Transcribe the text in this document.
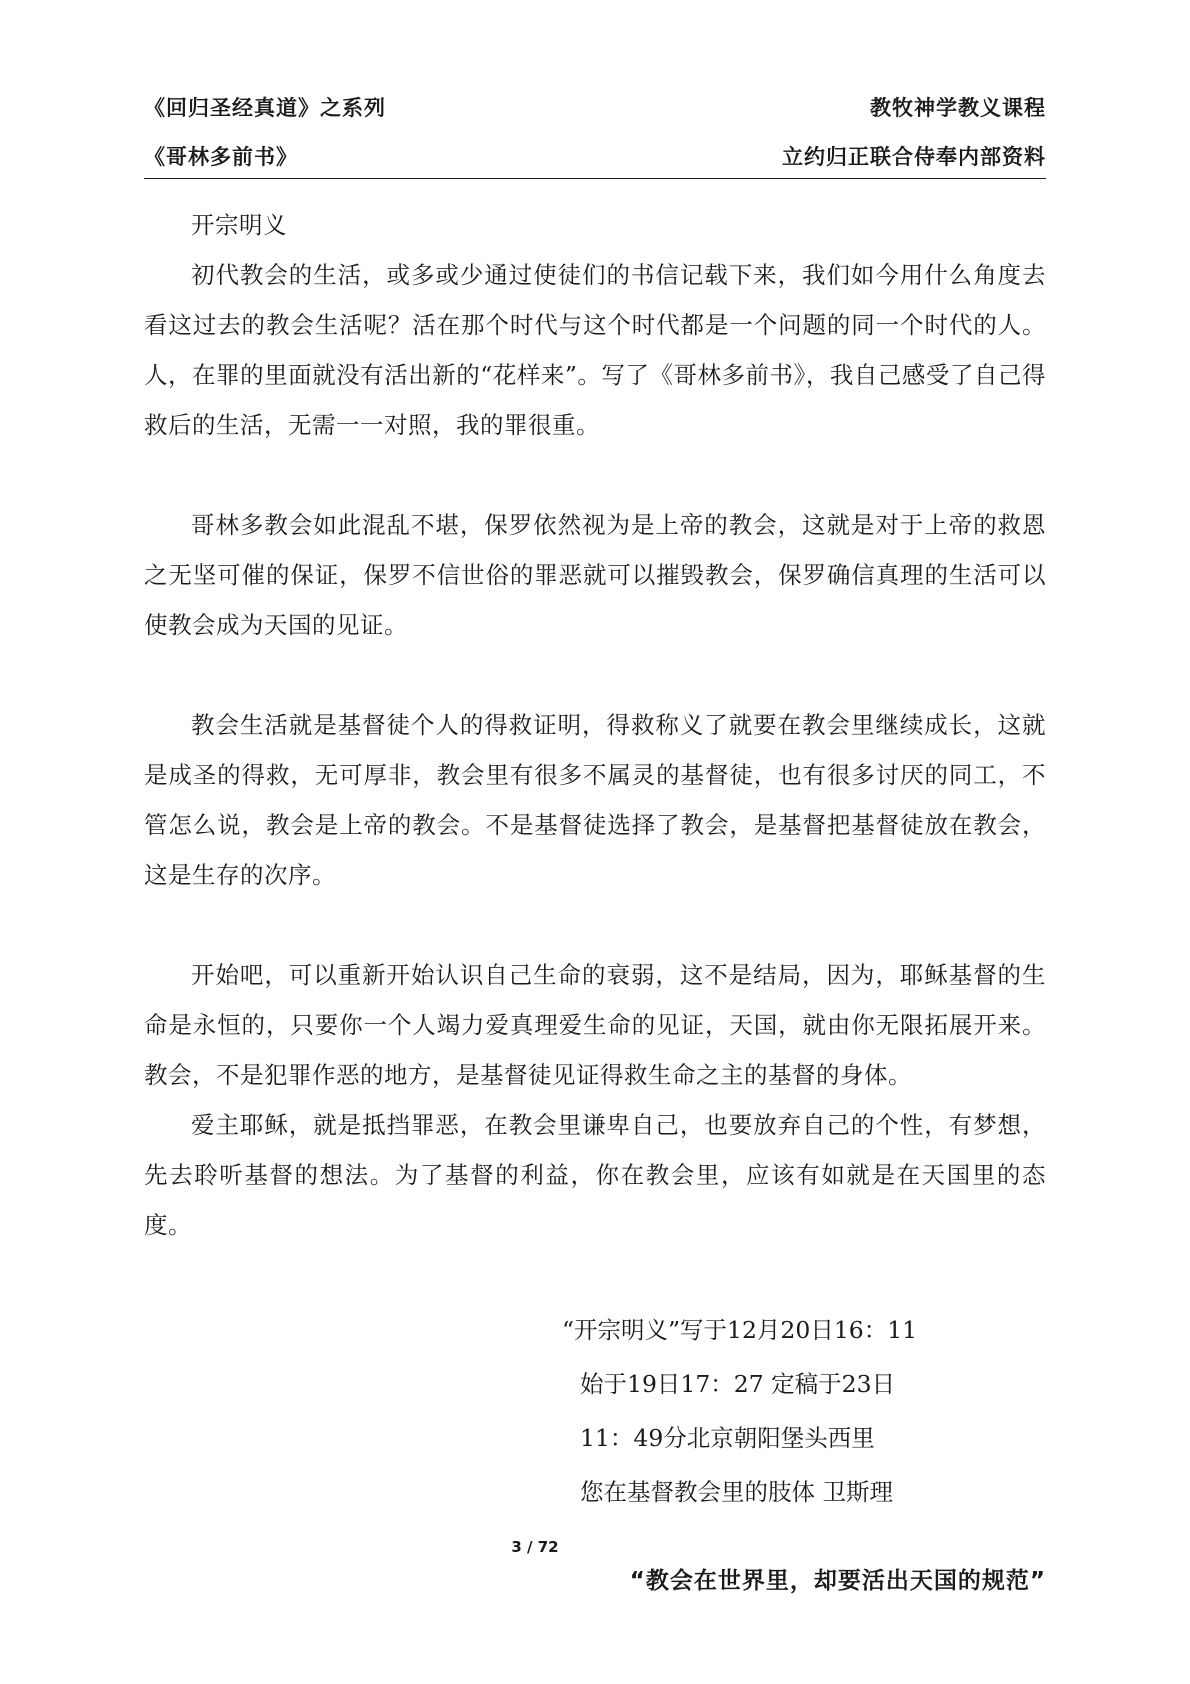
《回归圣经真道》之系列	教牧神学教义课程
《哥林多前书》	立约归正联合侍奉内部资料

开宗明义

初代教会的生活，或多或少通过使徒们的书信记载下来，我们如今用什么角度去看这过去的教会生活呢？活在那个时代与这个时代都是一个问题的同一个时代的人。人，在罪的里面就没有活出新的“花样来”。写了《哥林多前书》，我自己感受了自己得救后的生活，无需一一对照，我的罪很重。

哥林多教会如此混乱不堪，保罗依然视为是上帝的教会，这就是对于上帝的救恩之无坚可催的保证，保罗不信世俗的罪恶就可以摧毁教会，保罗确信真理的生活可以使教会成为天国的见证。

教会生活就是基督徒个人的得救证明，得救称义了就要在教会里继续成长，这就是成圣的得救，无可厚非，教会里有很多不属灵的基督徒，也有很多讨厌的同工，不管怎么说，教会是上帝的教会。不是基督徒选择了教会，是基督把基督徒放在教会，这是生存的次序。

开始吧，可以重新开始认识自己生命的衰弱，这不是结局，因为，耶稣基督的生命是永恒的，只要你一个人竭力爱真理爱生命的见证，天国，就由你无限拓展开来。教会，不是犯罪作恶的地方，是基督徒见证得救生命之主的基督的身体。

爱主耶稣，就是抵挡罪恶，在教会里谦卑自己，也要放弃自己的个性，有梦想，先去聆听基督的想法。为了基督的利益，你在教会里，应该有如就是在天国里的态度。

“开宗明义”写于12月20日16：11
始于19日17：27 定稿于23日
11：49分北京朝阳堡头西里
您在基督教会里的肢体 卫斯理
3 / 72
“教会在世界里，却要活出天国的规范”
